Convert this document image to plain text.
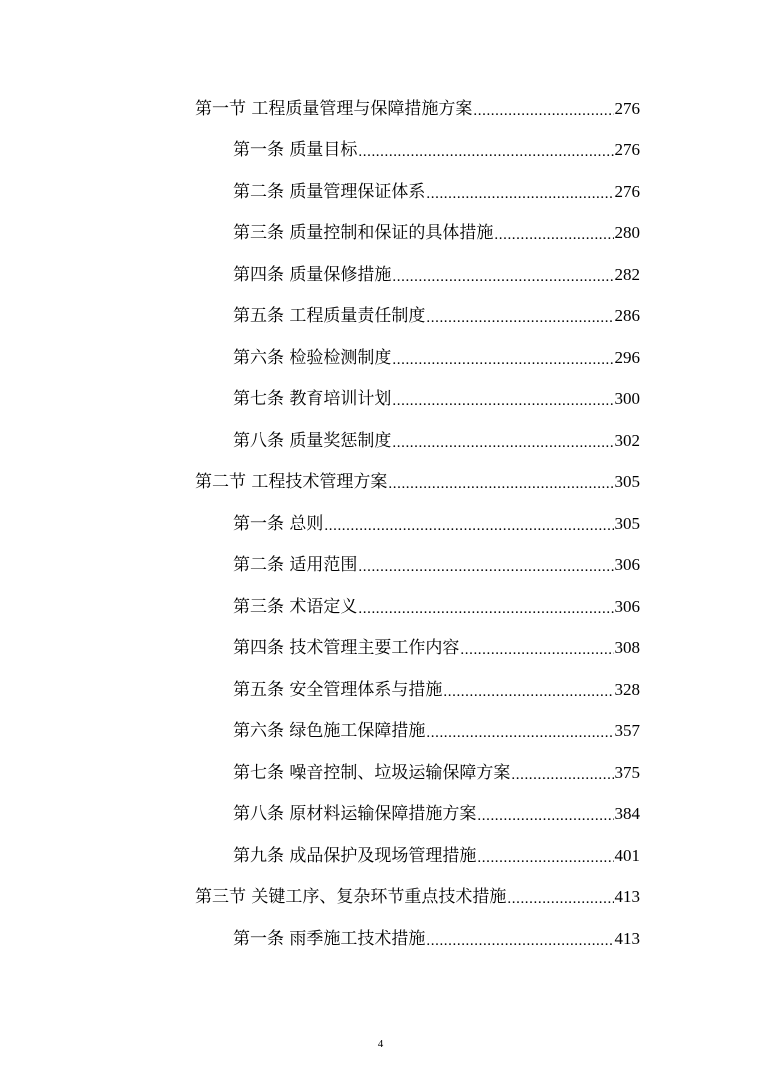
第一节 工程质量管理与保障措施方案 .....	276
第一条 质量目标 .....	276
第二条 质量管理保证体系 .....	276
第三条 质量控制和保证的具体措施 .....	280
第四条 质量保修措施 .....	282
第五条 工程质量责任制度 .....	286
第六条 检验检测制度 .....	296
第七条 教育培训计划 .....	300
第八条 质量奖惩制度 .....	302
第二节 工程技术管理方案 .....	305
第一条 总则 .....	305
第二条 适用范围 .....	306
第三条 术语定义 .....	306
第四条 技术管理主要工作内容 .....	308
第五条 安全管理体系与措施 .....	328
第六条 绿色施工保障措施 .....	357
第七条 噪音控制、垃圾运输保障方案 .....	375
第八条 原材料运输保障措施方案 .....	384
第九条 成品保护及现场管理措施 .....	401
第三节 关键工序、复杂环节重点技术措施 .....	413
第一条 雨季施工技术措施 .....	413
4
